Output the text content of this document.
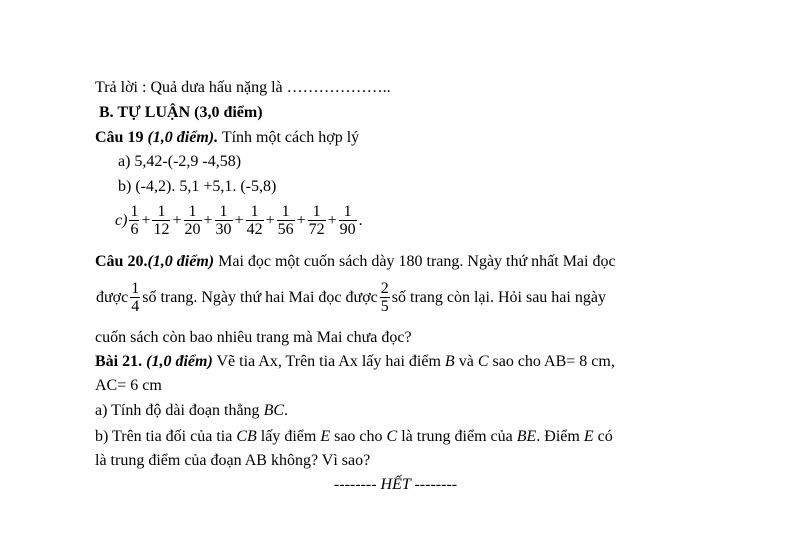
Trả lời : Quả dưa hấu nặng là ………………..
B. TỰ LUẬN (3,0 điểm)
Câu 19 (1,0 điểm). Tính một cách hợp lý
a) 5,42-(-2,9 -4,58)
b) (-4,2). 5,1 +5,1. (-5,8)
$c) \frac{1}{6} + \frac{1}{12} + \frac{1}{20} + \frac{1}{30} + \frac{1}{42} + \frac{1}{56} + \frac{1}{72} + \frac{1}{90}$ .
Câu 20.(1,0 điểm) Mai đọc một cuốn sách dày 180 trang. Ngày thứ nhất Mai đọc
được $\frac{1}{4}$ số trang. Ngày thứ hai Mai đọc được $\frac{2}{5}$ số trang còn lại. Hỏi sau hai ngày
cuốn sách còn bao nhiêu trang mà Mai chưa đọc?
Bài 21. (1,0 điểm) Vẽ tia Ax, Trên tia Ax lấy hai điểm B và C sao cho AB= 8 cm,
AC= 6 cm
a) Tính độ dài đoạn thẳng BC.
b) Trên tia đối của tia CB lấy điểm E sao cho C là trung điểm của BE. Điểm E có
là trung điểm của đoạn AB không? Vì sao?
-------- HẾT --------
